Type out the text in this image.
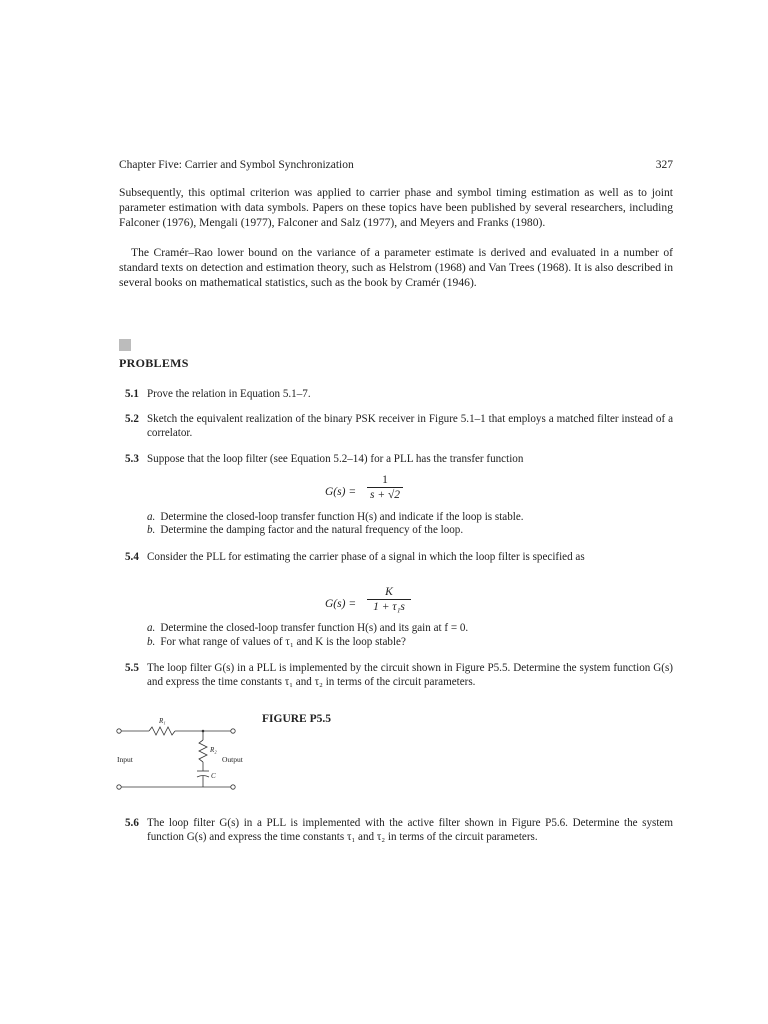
Chapter Five: Carrier and Symbol Synchronization	327
Subsequently, this optimal criterion was applied to carrier phase and symbol timing estimation as well as to joint parameter estimation with data symbols. Papers on these topics have been published by several researchers, including Falconer (1976), Mengali (1977), Falconer and Salz (1977), and Meyers and Franks (1980).
The Cramér–Rao lower bound on the variance of a parameter estimate is derived and evaluated in a number of standard texts on detection and estimation theory, such as Helstrom (1968) and Van Trees (1968). It is also described in several books on mathematical statistics, such as the book by Cramér (1946).
PROBLEMS
5.1 Prove the relation in Equation 5.1–7.
5.2 Sketch the equivalent realization of the binary PSK receiver in Figure 5.1–1 that employs a matched filter instead of a correlator.
5.3 Suppose that the loop filter (see Equation 5.2–14) for a PLL has the transfer function
G(s) =
1
s + √2
a. Determine the closed-loop transfer function H(s) and indicate if the loop is stable.
b. Determine the damping factor and the natural frequency of the loop.
5.4 Consider the PLL for estimating the carrier phase of a signal in which the loop filter is specified as
G(s) =
K
1 + τ₁s
a. Determine the closed-loop transfer function H(s) and its gain at f = 0.
b. For what range of values of τ₁ and K is the loop stable?
5.5 The loop filter G(s) in a PLL is implemented by the circuit shown in Figure P5.5. Determine the system function G(s) and express the time constants τ₁ and τ₂ in terms of the circuit parameters.
R₁
R₂
C
Input	Output
FIGURE P5.5
5.6 The loop filter G(s) in a PLL is implemented with the active filter shown in Figure P5.6. Determine the system function G(s) and express the time constants τ₁ and τ₂ in terms of the circuit parameters.
